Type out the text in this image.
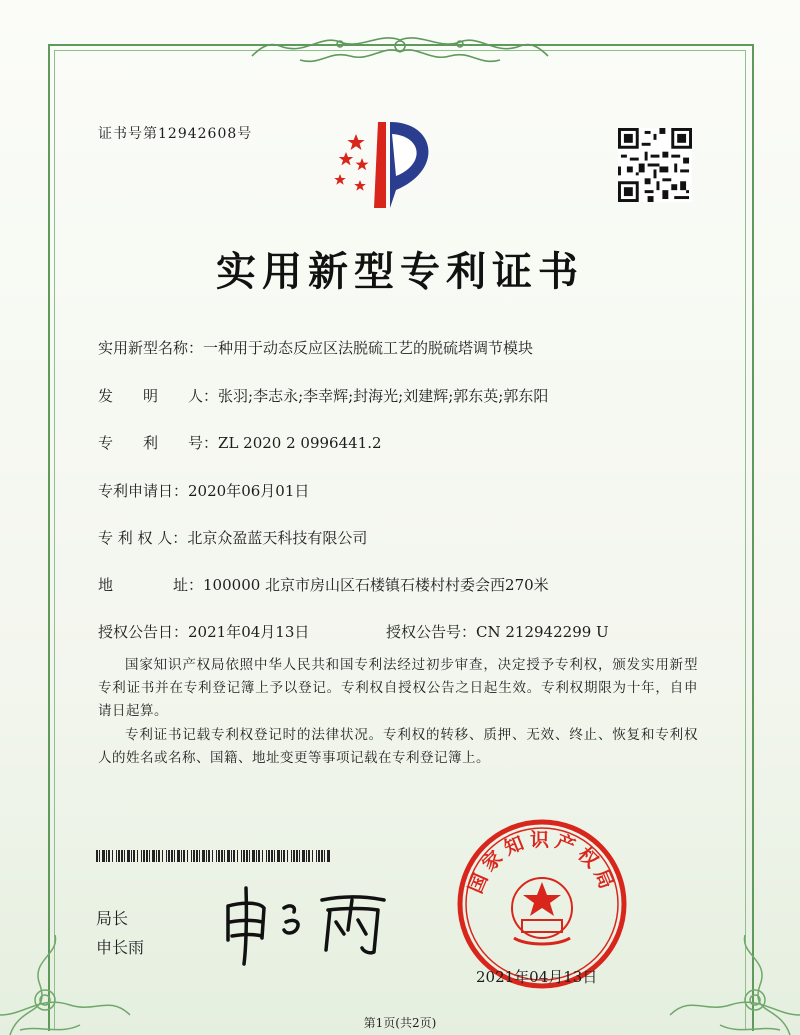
证书号第12942608号
实用新型专利证书
实用新型名称：一种用于动态反应区法脱硫工艺的脱硫塔调节模块
发　　明　　人：张羽;李志永;李幸辉;封海光;刘建辉;郭东英;郭东阳
专　　利　　号：ZL 2020 2 0996441.2
专利申请日：2020年06月01日
专 利 权 人：北京众盈蓝天科技有限公司
地　　　　址：100000 北京市房山区石楼镇石楼村村委会西270米
授权公告日：2021年04月13日	授权公告号：CN 212942299 U
国家知识产权局依照中华人民共和国专利法经过初步审查，决定授予专利权，颁发实用新型专利证书并在专利登记簿上予以登记。专利权自授权公告之日起生效。专利权期限为十年，自申请日起算。
专利证书记载专利权登记时的法律状况。专利权的转移、质押、无效、终止、恢复和专利权人的姓名或名称、国籍、地址变更等事项记载在专利登记簿上。
局长
申长雨
国家知识产权局
2021年04月13日
第1页(共2页)
